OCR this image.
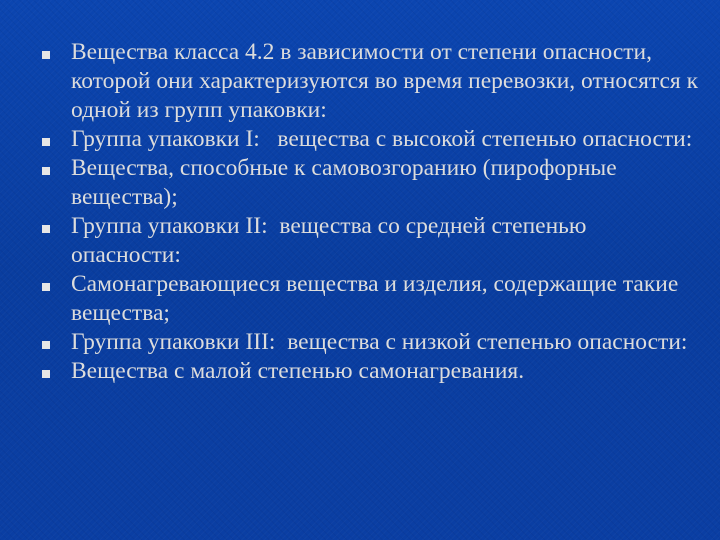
Вещества класса 4.2 в зависимости от степени опасности, которой они характеризуются во время перевозки, относятся к одной из групп упаковки:
Группа упаковки I:   вещества с высокой степенью опасности:
Вещества, способные к самовозгоранию (пирофорные вещества);
Группа упаковки II:  вещества со средней степенью опасности:
Самонагревающиеся вещества и изделия, содержащие такие вещества;
Группа упаковки III:  вещества с низкой степенью опасности:
Вещества с малой степенью самонагревания.
